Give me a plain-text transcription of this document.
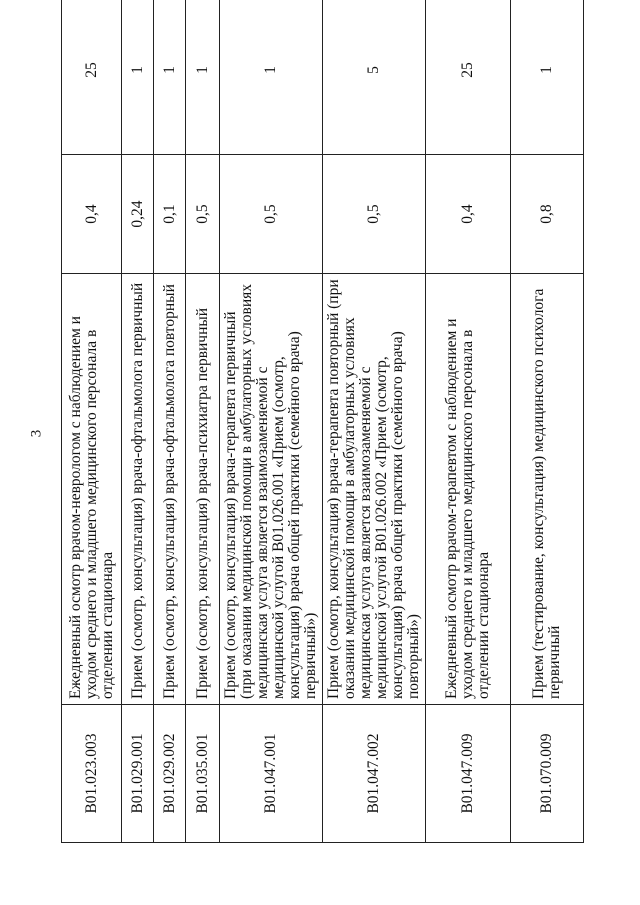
3
B01.023.003	Ежедневный осмотр врачом-неврологом с наблюдением и уходом среднего и младшего медицинского персонала в отделении стационара	0,4	25
B01.029.001	Прием (осмотр, консультация) врача-офтальмолога первичный	0,24	1
B01.029.002	Прием (осмотр, консультация) врача-офтальмолога повторный	0,1	1
B01.035.001	Прием (осмотр, консультация) врача-психиатра первичный	0,5	1
B01.047.001	Прием (осмотр, консультация) врача-терапевта первичный (при оказании медицинской помощи в амбулаторных условиях медицинская услуга является взаимозаменяемой с медицинской услугой B01.026.001 «Прием (осмотр, консультация) врача общей практики (семейного врача) первичный»)	0,5	1
B01.047.002	Прием (осмотр, консультация) врача-терапевта повторный (при оказании медицинской помощи в амбулаторных условиях медицинская услуга является взаимозаменяемой с медицинской услугой B01.026.002 «Прием (осмотр, консультация) врача общей практики (семейного врача) повторный»)	0,5	5
B01.047.009	Ежедневный осмотр врачом-терапевтом с наблюдением и уходом среднего и младшего медицинского персонала в отделении стационара	0,4	25
B01.070.009	Прием (тестирование, консультация) медицинского психолога первичный	0,8	1
